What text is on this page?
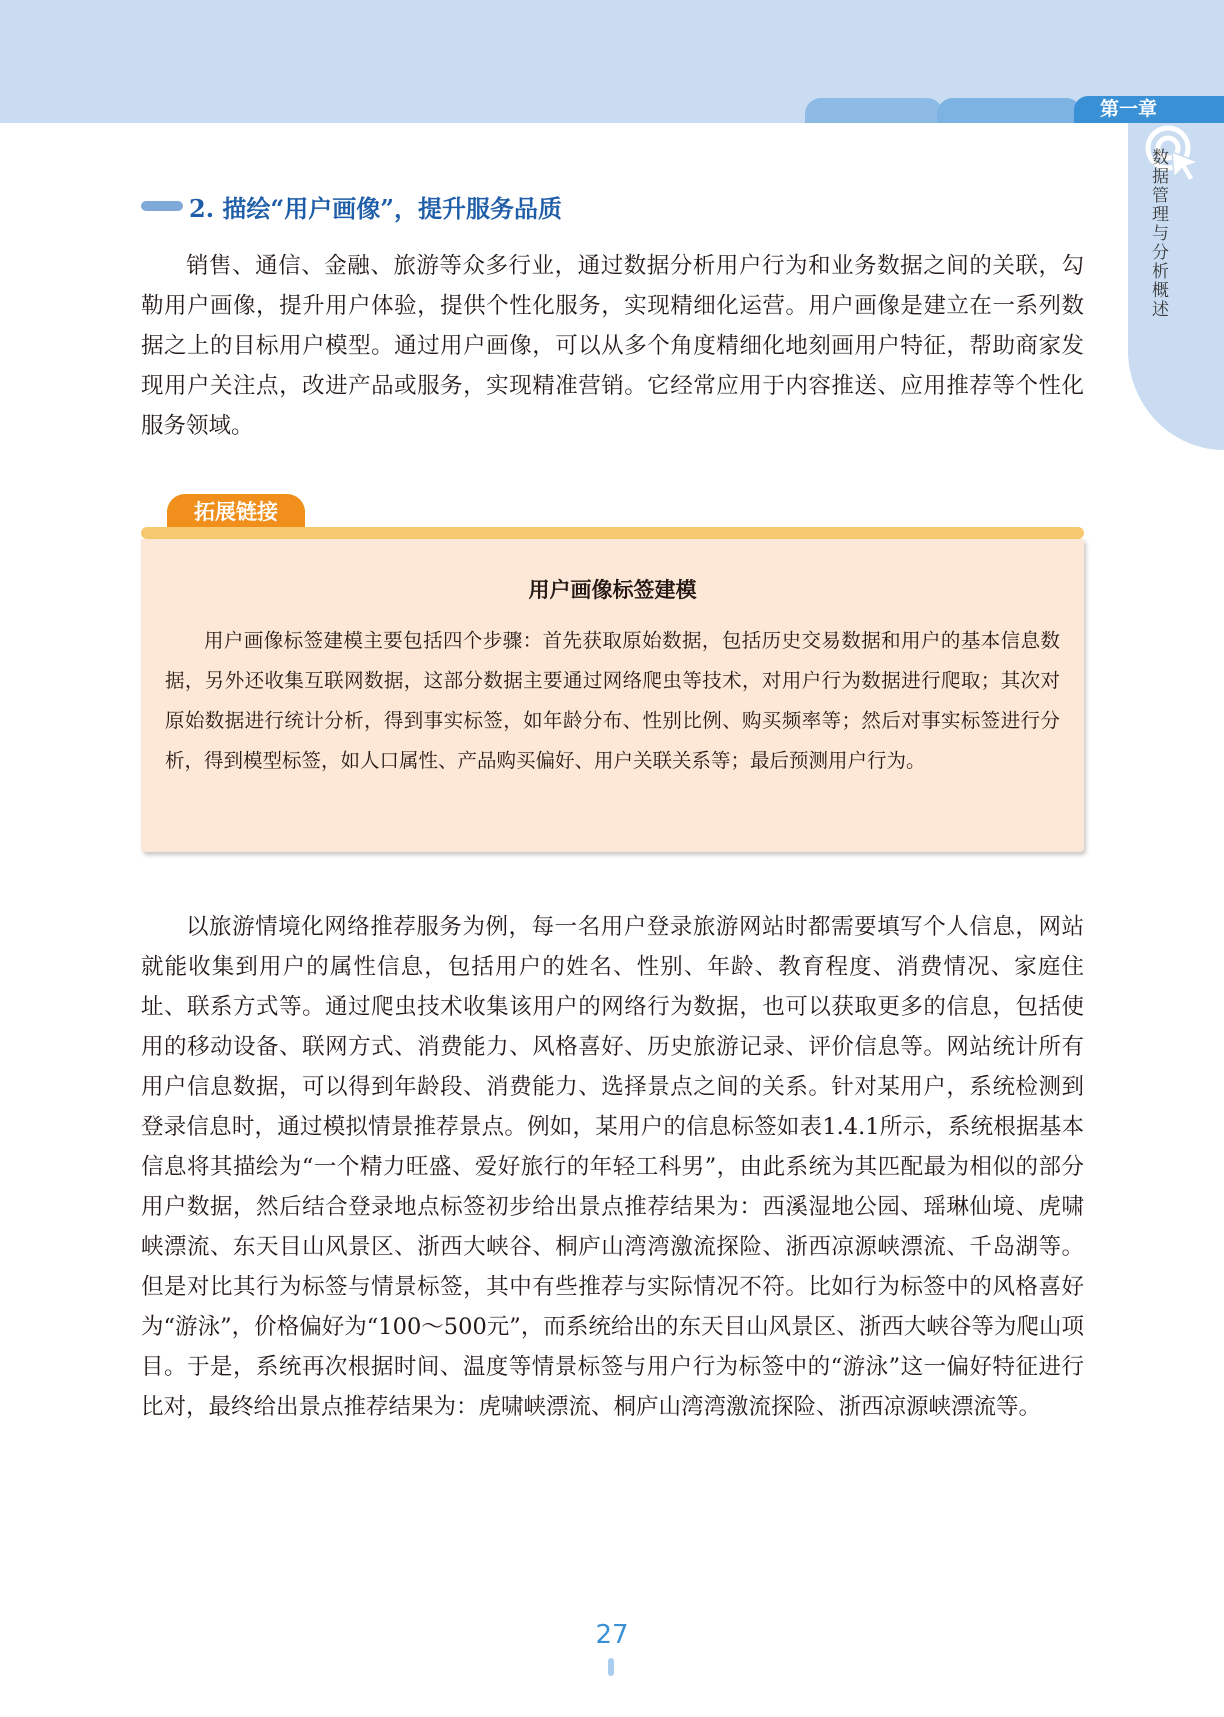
第一章
数据管理与分析概述
2. 描绘“用户画像”，提升服务品质

销售、通信、金融、旅游等众多行业，通过数据分析用户行为和业务数据之间的关联，勾勒用户画像，提升用户体验，提供个性化服务，实现精细化运营。用户画像是建立在一系列数据之上的目标用户模型。通过用户画像，可以从多个角度精细化地刻画用户特征，帮助商家发现用户关注点，改进产品或服务，实现精准营销。它经常应用于内容推送、应用推荐等个性化服务领域。

拓展链接
用户画像标签建模

用户画像标签建模主要包括四个步骤：首先获取原始数据，包括历史交易数据和用户的基本信息数据，另外还收集互联网数据，这部分数据主要通过网络爬虫等技术，对用户行为数据进行爬取；其次对原始数据进行统计分析，得到事实标签，如年龄分布、性别比例、购买频率等；然后对事实标签进行分析，得到模型标签，如人口属性、产品购买偏好、用户关联关系等；最后预测用户行为。

以旅游情境化网络推荐服务为例，每一名用户登录旅游网站时都需要填写个人信息，网站就能收集到用户的属性信息，包括用户的姓名、性别、年龄、教育程度、消费情况、家庭住址、联系方式等。通过爬虫技术收集该用户的网络行为数据，也可以获取更多的信息，包括使用的移动设备、联网方式、消费能力、风格喜好、历史旅游记录、评价信息等。网站统计所有用户信息数据，可以得到年龄段、消费能力、选择景点之间的关系。针对某用户，系统检测到登录信息时，通过模拟情景推荐景点。例如，某用户的信息标签如表1.4.1所示，系统根据基本信息将其描绘为“一个精力旺盛、爱好旅行的年轻工科男”，由此系统为其匹配最为相似的部分用户数据，然后结合登录地点标签初步给出景点推荐结果为：西溪湿地公园、瑶琳仙境、虎啸峡漂流、东天目山风景区、浙西大峡谷、桐庐山湾湾激流探险、浙西凉源峡漂流、千岛湖等。但是对比其行为标签与情景标签，其中有些推荐与实际情况不符。比如行为标签中的风格喜好为“游泳”，价格偏好为“100～500元”，而系统给出的东天目山风景区、浙西大峡谷等为爬山项目。于是，系统再次根据时间、温度等情景标签与用户行为标签中的“游泳”这一偏好特征进行比对，最终给出景点推荐结果为：虎啸峡漂流、桐庐山湾湾激流探险、浙西凉源峡漂流等。

27
